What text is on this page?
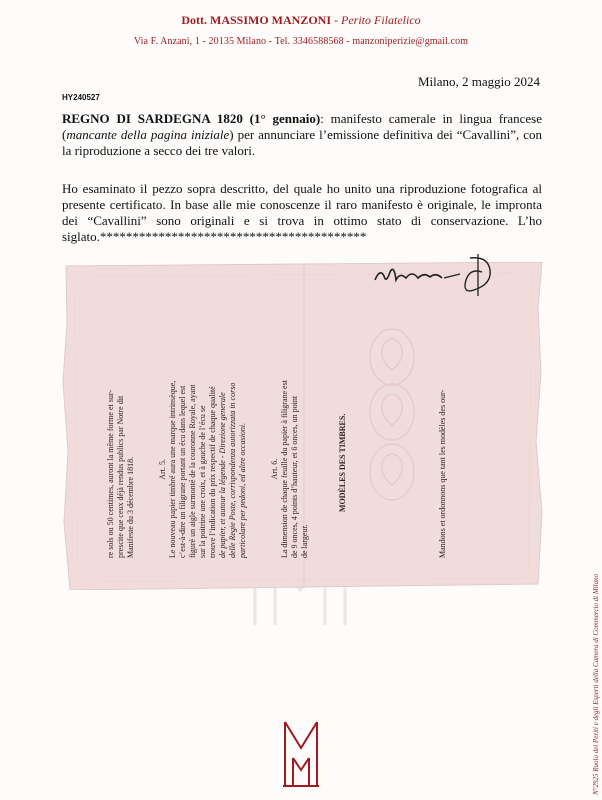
Dott. MASSIMO MANZONI - Perito Filatelico
Via F. Anzani, 1 - 20135 Milano - Tel. 3346588568 - manzoniperizie@gmail.com
Milano, 2 maggio 2024
HY240527

REGNO DI SARDEGNA 1820 (1° gennaio): manifesto camerale in lingua francese (mancante della pagina iniziale) per annunciare l’emissione definitiva dei “Cavallini”, con la riproduzione a secco dei tre valori.

Ho esaminato il pezzo sopra descritto, del quale ho unito una riproduzione fotografica al presente certificato. In base alle mie conoscenze il raro manifesto è originale, le impronta dei “Cavallini” sono originali e si trova in ottimo stato di conservazione. L’ho siglato.*****************************************

re sols ou 50 centimes, auront la même forme et sur- prescite que ceux déjà rendus publics par Notre dit Manifeste du 3 décembre 1818.	Art. 5. Le nouveau papier timbré aura une marque intrinsèque, c’est-à-dire un filigrane portant un écu dans lequel est figuré un aigle surmonté de la couronne Royale, ayant sur la poitrine une croix, et à gauche de l’écu se trouve l’indication du prix respectif de chaque qualité de papier, et autour la légende - Direzione generale delle Regie Poste, corrispondenza autorizzata in corso particolare per pedoni, ed altre occasioni.	Art. 6. La dimension de chaque feuille du papier à filigrane est de 9 onces, 4 points d’hauteur, et 6 onces, un point de largeur.
MODÈLES DES TIMBRES.	Mandons et ordonnons que tant les modèles des our-
N°2925 Ruolo dei Periti e degli Esperti della Camera di Commercio di Milano
